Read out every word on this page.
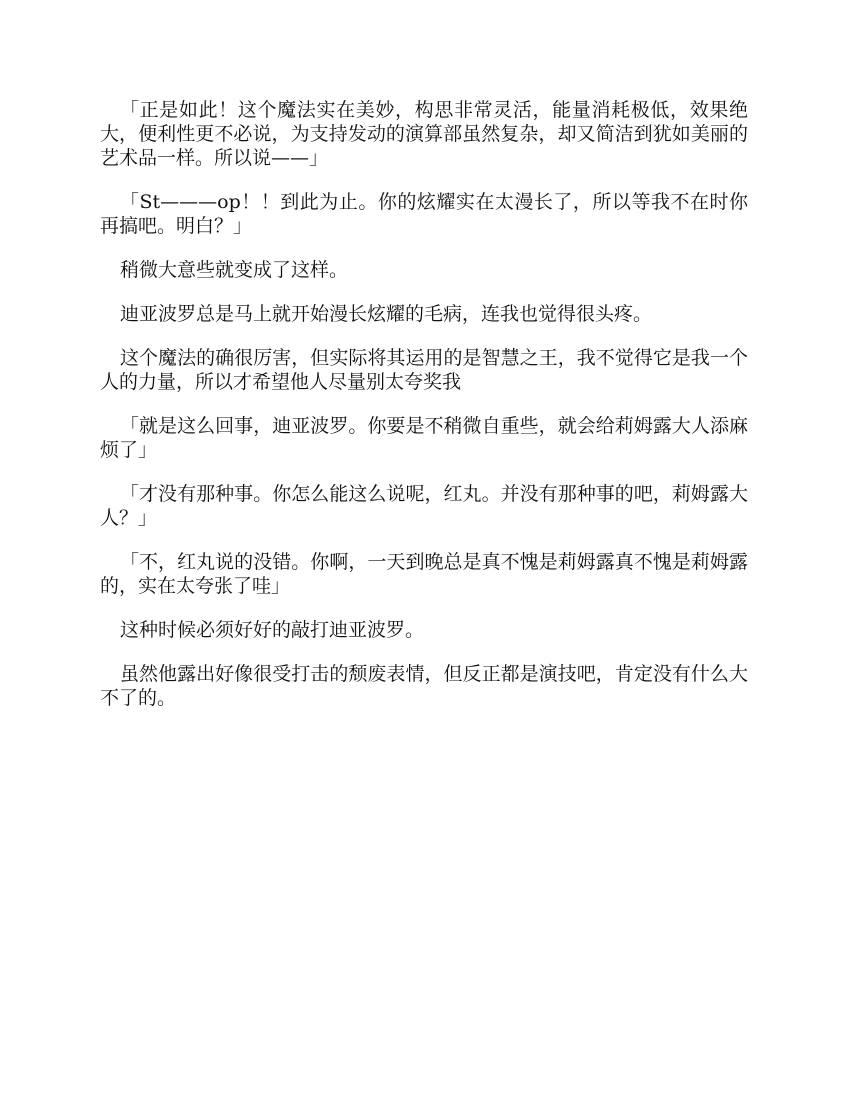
「正是如此！这个魔法实在美妙，构思非常灵活，能量消耗极低，效果绝大，便利性更不必说，为支持发动的演算部虽然复杂，却又简洁到犹如美丽的艺术品一样。所以说——」

「St———op！！到此为止。你的炫耀实在太漫长了，所以等我不在时你再搞吧。明白？」

稍微大意些就变成了这样。

迪亚波罗总是马上就开始漫长炫耀的毛病，连我也觉得很头疼。

这个魔法的确很厉害，但实际将其运用的是智慧之王，我不觉得它是我一个人的力量，所以才希望他人尽量别太夸奖我

「就是这么回事，迪亚波罗。你要是不稍微自重些，就会给莉姆露大人添麻烦了」

「才没有那种事。你怎么能这么说呢，红丸。并没有那种事的吧，莉姆露大人？」

「不，红丸说的没错。你啊，一天到晚总是真不愧是莉姆露真不愧是莉姆露的，实在太夸张了哇」

这种时候必须好好的敲打迪亚波罗。

虽然他露出好像很受打击的颓废表情，但反正都是演技吧，肯定没有什么大不了的。
